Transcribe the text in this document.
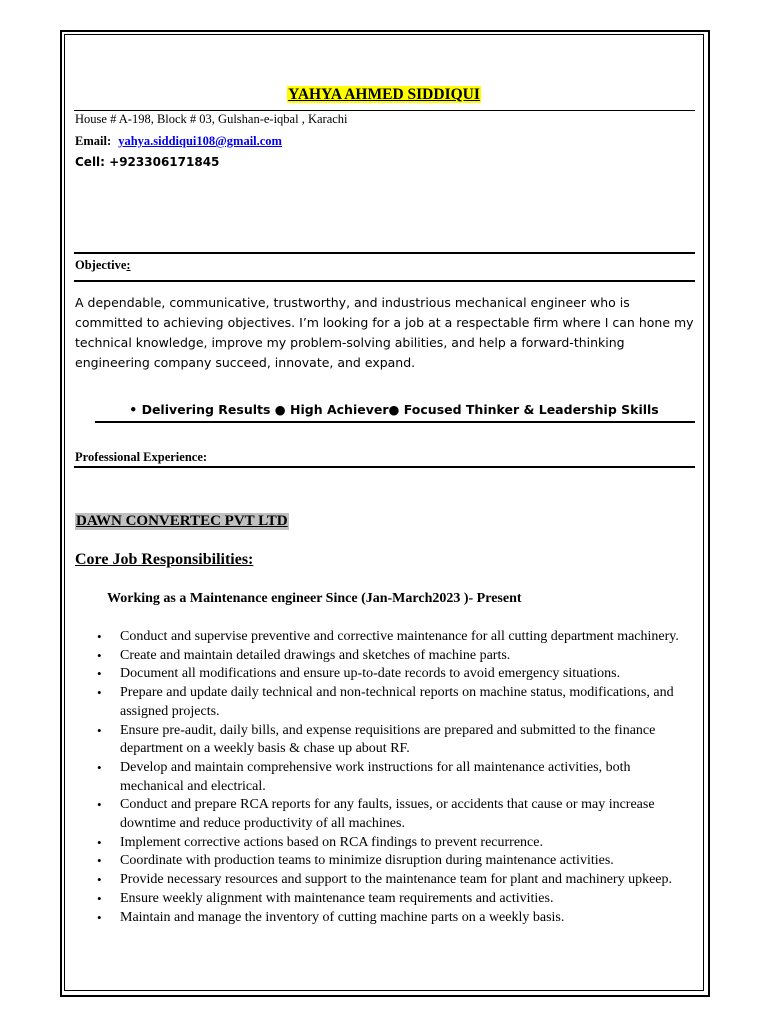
YAHYA AHMED SIDDIQUI
House # A-198, Block # 03, Gulshan-e-iqbal , Karachi
Email: yahya.siddiqui108@gmail.com
Cell: +923306171845
Objective:
A dependable, communicative, trustworthy, and industrious mechanical engineer who is committed to achieving objectives. I’m looking for a job at a respectable firm where I can hone my technical knowledge, improve my problem-solving abilities, and help a forward-thinking engineering company succeed, innovate, and expand.
• Delivering Results ● High Achiever● Focused Thinker & Leadership Skills
Professional Experience:
DAWN CONVERTEC PVT LTD
Core Job Responsibilities:
Working as a Maintenance engineer Since (Jan-March2023 )- Present
• Conduct and supervise preventive and corrective maintenance for all cutting department machinery.
• Create and maintain detailed drawings and sketches of machine parts.
• Document all modifications and ensure up-to-date records to avoid emergency situations.
• Prepare and update daily technical and non-technical reports on machine status, modifications, and assigned projects.
• Ensure pre-audit, daily bills, and expense requisitions are prepared and submitted to the finance department on a weekly basis & chase up about RF.
• Develop and maintain comprehensive work instructions for all maintenance activities, both mechanical and electrical.
• Conduct and prepare RCA reports for any faults, issues, or accidents that cause or may increase downtime and reduce productivity of all machines.
• Implement corrective actions based on RCA findings to prevent recurrence.
• Coordinate with production teams to minimize disruption during maintenance activities.
• Provide necessary resources and support to the maintenance team for plant and machinery upkeep.
• Ensure weekly alignment with maintenance team requirements and activities.
• Maintain and manage the inventory of cutting machine parts on a weekly basis.
